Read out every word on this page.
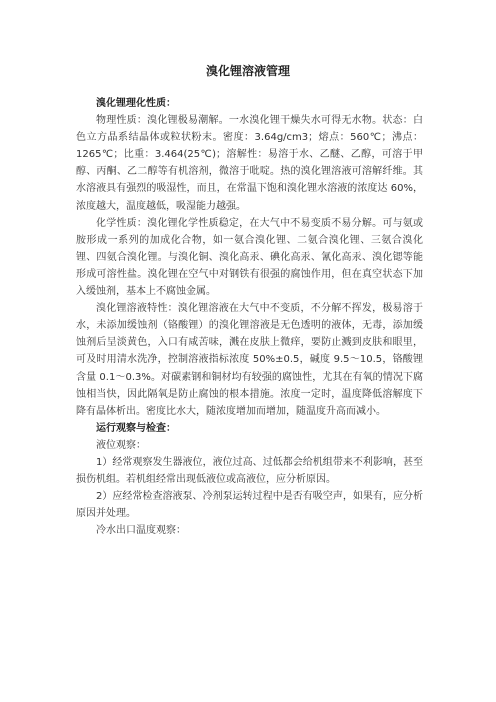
溴化锂溶液管理

溴化锂理化性质：

物理性质：溴化锂极易潮解。一水溴化锂干燥失水可得无水物。状态：白色立方晶系结晶体或粒状粉末。密度：3.64g/cm3；熔点：560℃；沸点：1265℃；比重：3.464(25℃)；溶解性：易溶于水、乙醚、乙醇，可溶于甲醇、丙酮、乙二醇等有机溶剂，微溶于吡啶。热的溴化锂溶液可溶解纤维。其水溶液具有强烈的吸湿性，而且，在常温下饱和溴化锂水溶液的浓度达 60%，浓度越大，温度越低，吸湿能力越强。

化学性质：溴化锂化学性质稳定，在大气中不易变质不易分解。可与氨或胺形成一系列的加成化合物，如一氨合溴化锂、二氨合溴化锂、三氨合溴化锂、四氨合溴化锂。与溴化铜、溴化高汞、碘化高汞、氰化高汞、溴化锶等能形成可溶性盐。溴化锂在空气中对钢铁有很强的腐蚀作用，但在真空状态下加入缓蚀剂，基本上不腐蚀金属。

溴化锂溶液特性：溴化锂溶液在大气中不变质，不分解不挥发，极易溶于水，未添加缓蚀剂（铬酸锂）的溴化锂溶液是无色透明的液体，无毒，添加缓蚀剂后呈淡黄色，入口有咸苦味，溅在皮肤上微痒，要防止溅到皮肤和眼里，可及时用清水洗净，控制溶液指标浓度 50%±0.5，碱度 9.5～10.5，铬酸锂含量 0.1～0.3%。对碳素钢和铜材均有较强的腐蚀性，尤其在有氧的情况下腐蚀相当快，因此隔氧是防止腐蚀的根本措施。浓度一定时，温度降低溶解度下降有晶体析出。密度比水大，随浓度增加而增加，随温度升高而减小。

运行观察与检查：

液位观察：

1）经常观察发生器液位，液位过高、过低都会给机组带来不利影响，甚至损伤机组。若机组经常出现低液位或高液位，应分析原因。

2）应经常检查溶液泵、冷剂泵运转过程中是否有吸空声，如果有，应分析原因并处理。

冷水出口温度观察：
